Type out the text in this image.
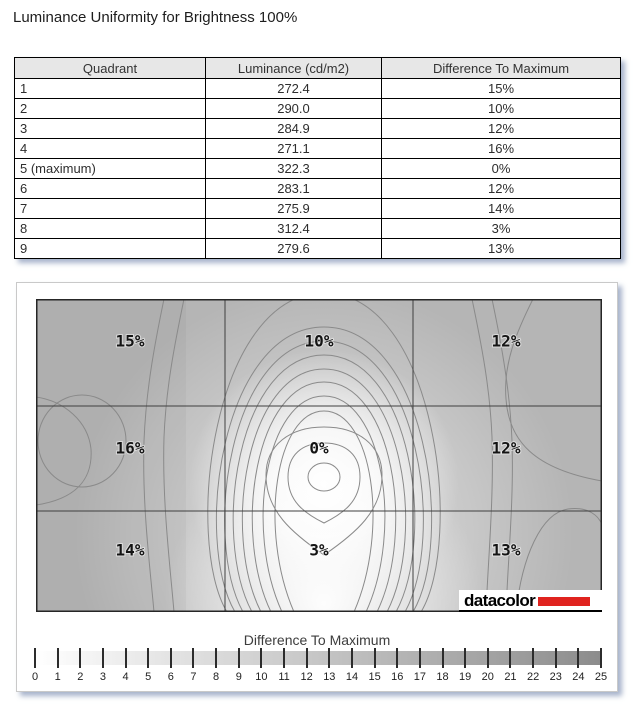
Luminance Uniformity for Brightness 100%
Quadrant	Luminance (cd/m2)	Difference To Maximum
1	272.4	15%
2	290.0	10%
3	284.9	12%
4	271.1	16%
5 (maximum)	322.3	0%
6	283.1	12%
7	275.9	14%
8	312.4	3%
9	279.6	13%
15%	10%	12%
16%	0%	12%
14%	3%	13%
datacolor
Difference To Maximum
0	1	2	3	4	5	6	7	8	9	10 11 12 13 14 15 16 17 18 19 20 21 22 23 24 25
